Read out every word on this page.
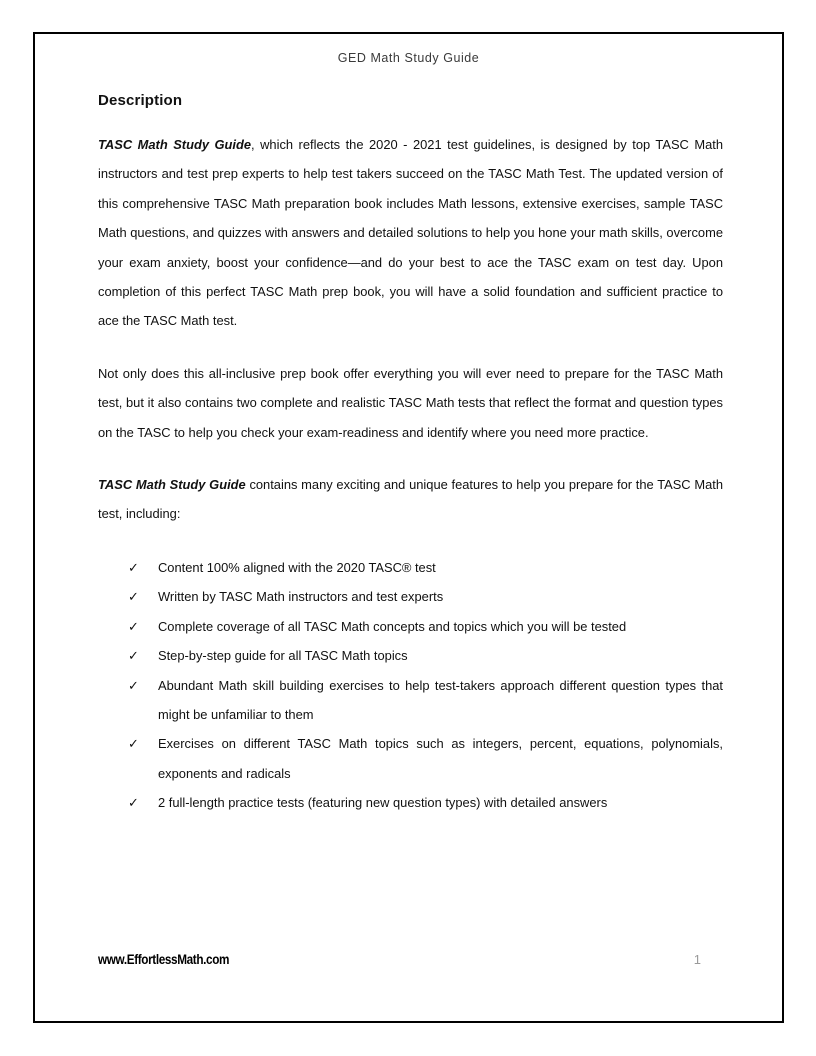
GED Math Study Guide
Description

TASC Math Study Guide, which reflects the 2020 - 2021 test guidelines, is designed by top TASC Math instructors and test prep experts to help test takers succeed on the TASC Math Test. The updated version of this comprehensive TASC Math preparation book includes Math lessons, extensive exercises, sample TASC Math questions, and quizzes with answers and detailed solutions to help you hone your math skills, overcome your exam anxiety, boost your confidence—and do your best to ace the TASC exam on test day. Upon completion of this perfect TASC Math prep book, you will have a solid foundation and sufficient practice to ace the TASC Math test.

Not only does this all-inclusive prep book offer everything you will ever need to prepare for the TASC Math test, but it also contains two complete and realistic TASC Math tests that reflect the format and question types on the TASC to help you check your exam-readiness and identify where you need more practice.

TASC Math Study Guide contains many exciting and unique features to help you prepare for the TASC Math test, including:

✓ Content 100% aligned with the 2020 TASC® test
✓ Written by TASC Math instructors and test experts
✓ Complete coverage of all TASC Math concepts and topics which you will be tested
✓ Step-by-step guide for all TASC Math topics
✓ Abundant Math skill building exercises to help test-takers approach different question types that might be unfamiliar to them
✓ Exercises on different TASC Math topics such as integers, percent, equations, polynomials, exponents and radicals
✓ 2 full-length practice tests (featuring new question types) with detailed answers
www.EffortlessMath.com	1
